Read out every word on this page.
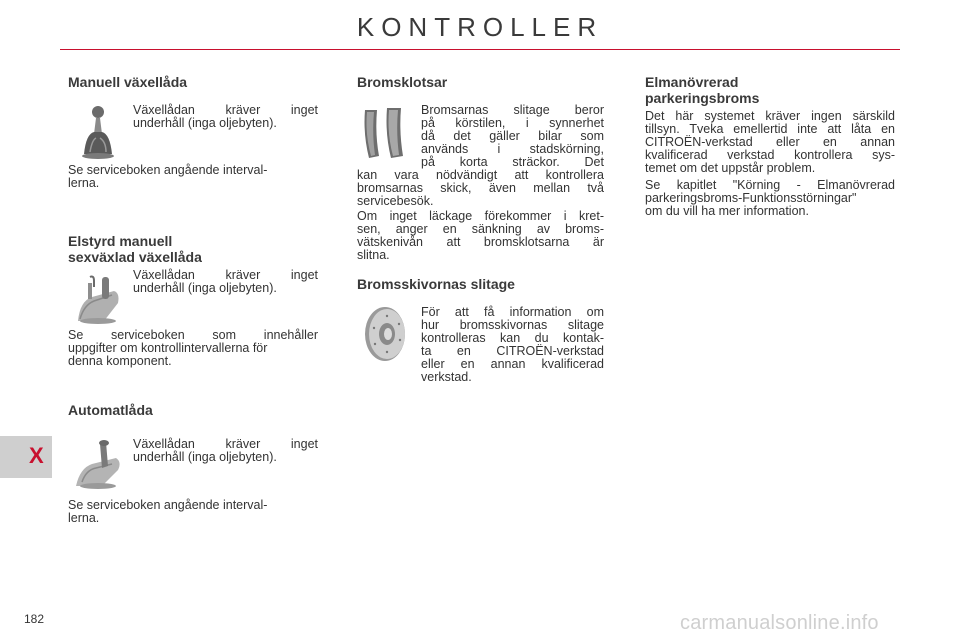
KONTROLLER
X
Manuell växellåda

Växellådan kräver inget

underhåll (inga oljebyten).

Se serviceboken angående interval-

lerna.

Elstyrd manuell
sexväxlad växellåda

Växellådan kräver inget

underhåll (inga oljebyten).

Se serviceboken som innehåller

uppgifter om kontrollintervallerna för

denna komponent.

Automatlåda

Växellådan kräver inget

underhåll (inga oljebyten).

Se serviceboken angående interval-

lerna.

Bromsklotsar

Bromsarnas slitage beror

på körstilen, i synnerhet

då det gäller bilar som

används i stadskörning,

på korta sträckor. Det

kan vara nödvändigt att kontrollera

bromsarnas skick, även mellan två

servicebesök.

Om inget läckage förekommer i kret-

sen, anger en sänkning av broms-

vätskenivån att bromsklotsarna är

slitna.

Bromsskivornas slitage

För att få information om

hur bromsskivornas slitage

kontrolleras kan du kontak-

ta en CITROËN-verkstad

eller en annan kvalificerad

verkstad.

Elmanövrerad
parkeringsbroms

Det här systemet kräver ingen särskild

tillsyn. Tveka emellertid inte att låta en

CITROËN-verkstad eller en annan

kvalificerad verkstad kontrollera sys-

temet om det uppstår problem.

Se kapitlet "Körning - Elmanövrerad

parkeringsbroms-Funktionsstörningar"

om du vill ha mer information.

182	carmanualsonline.info
